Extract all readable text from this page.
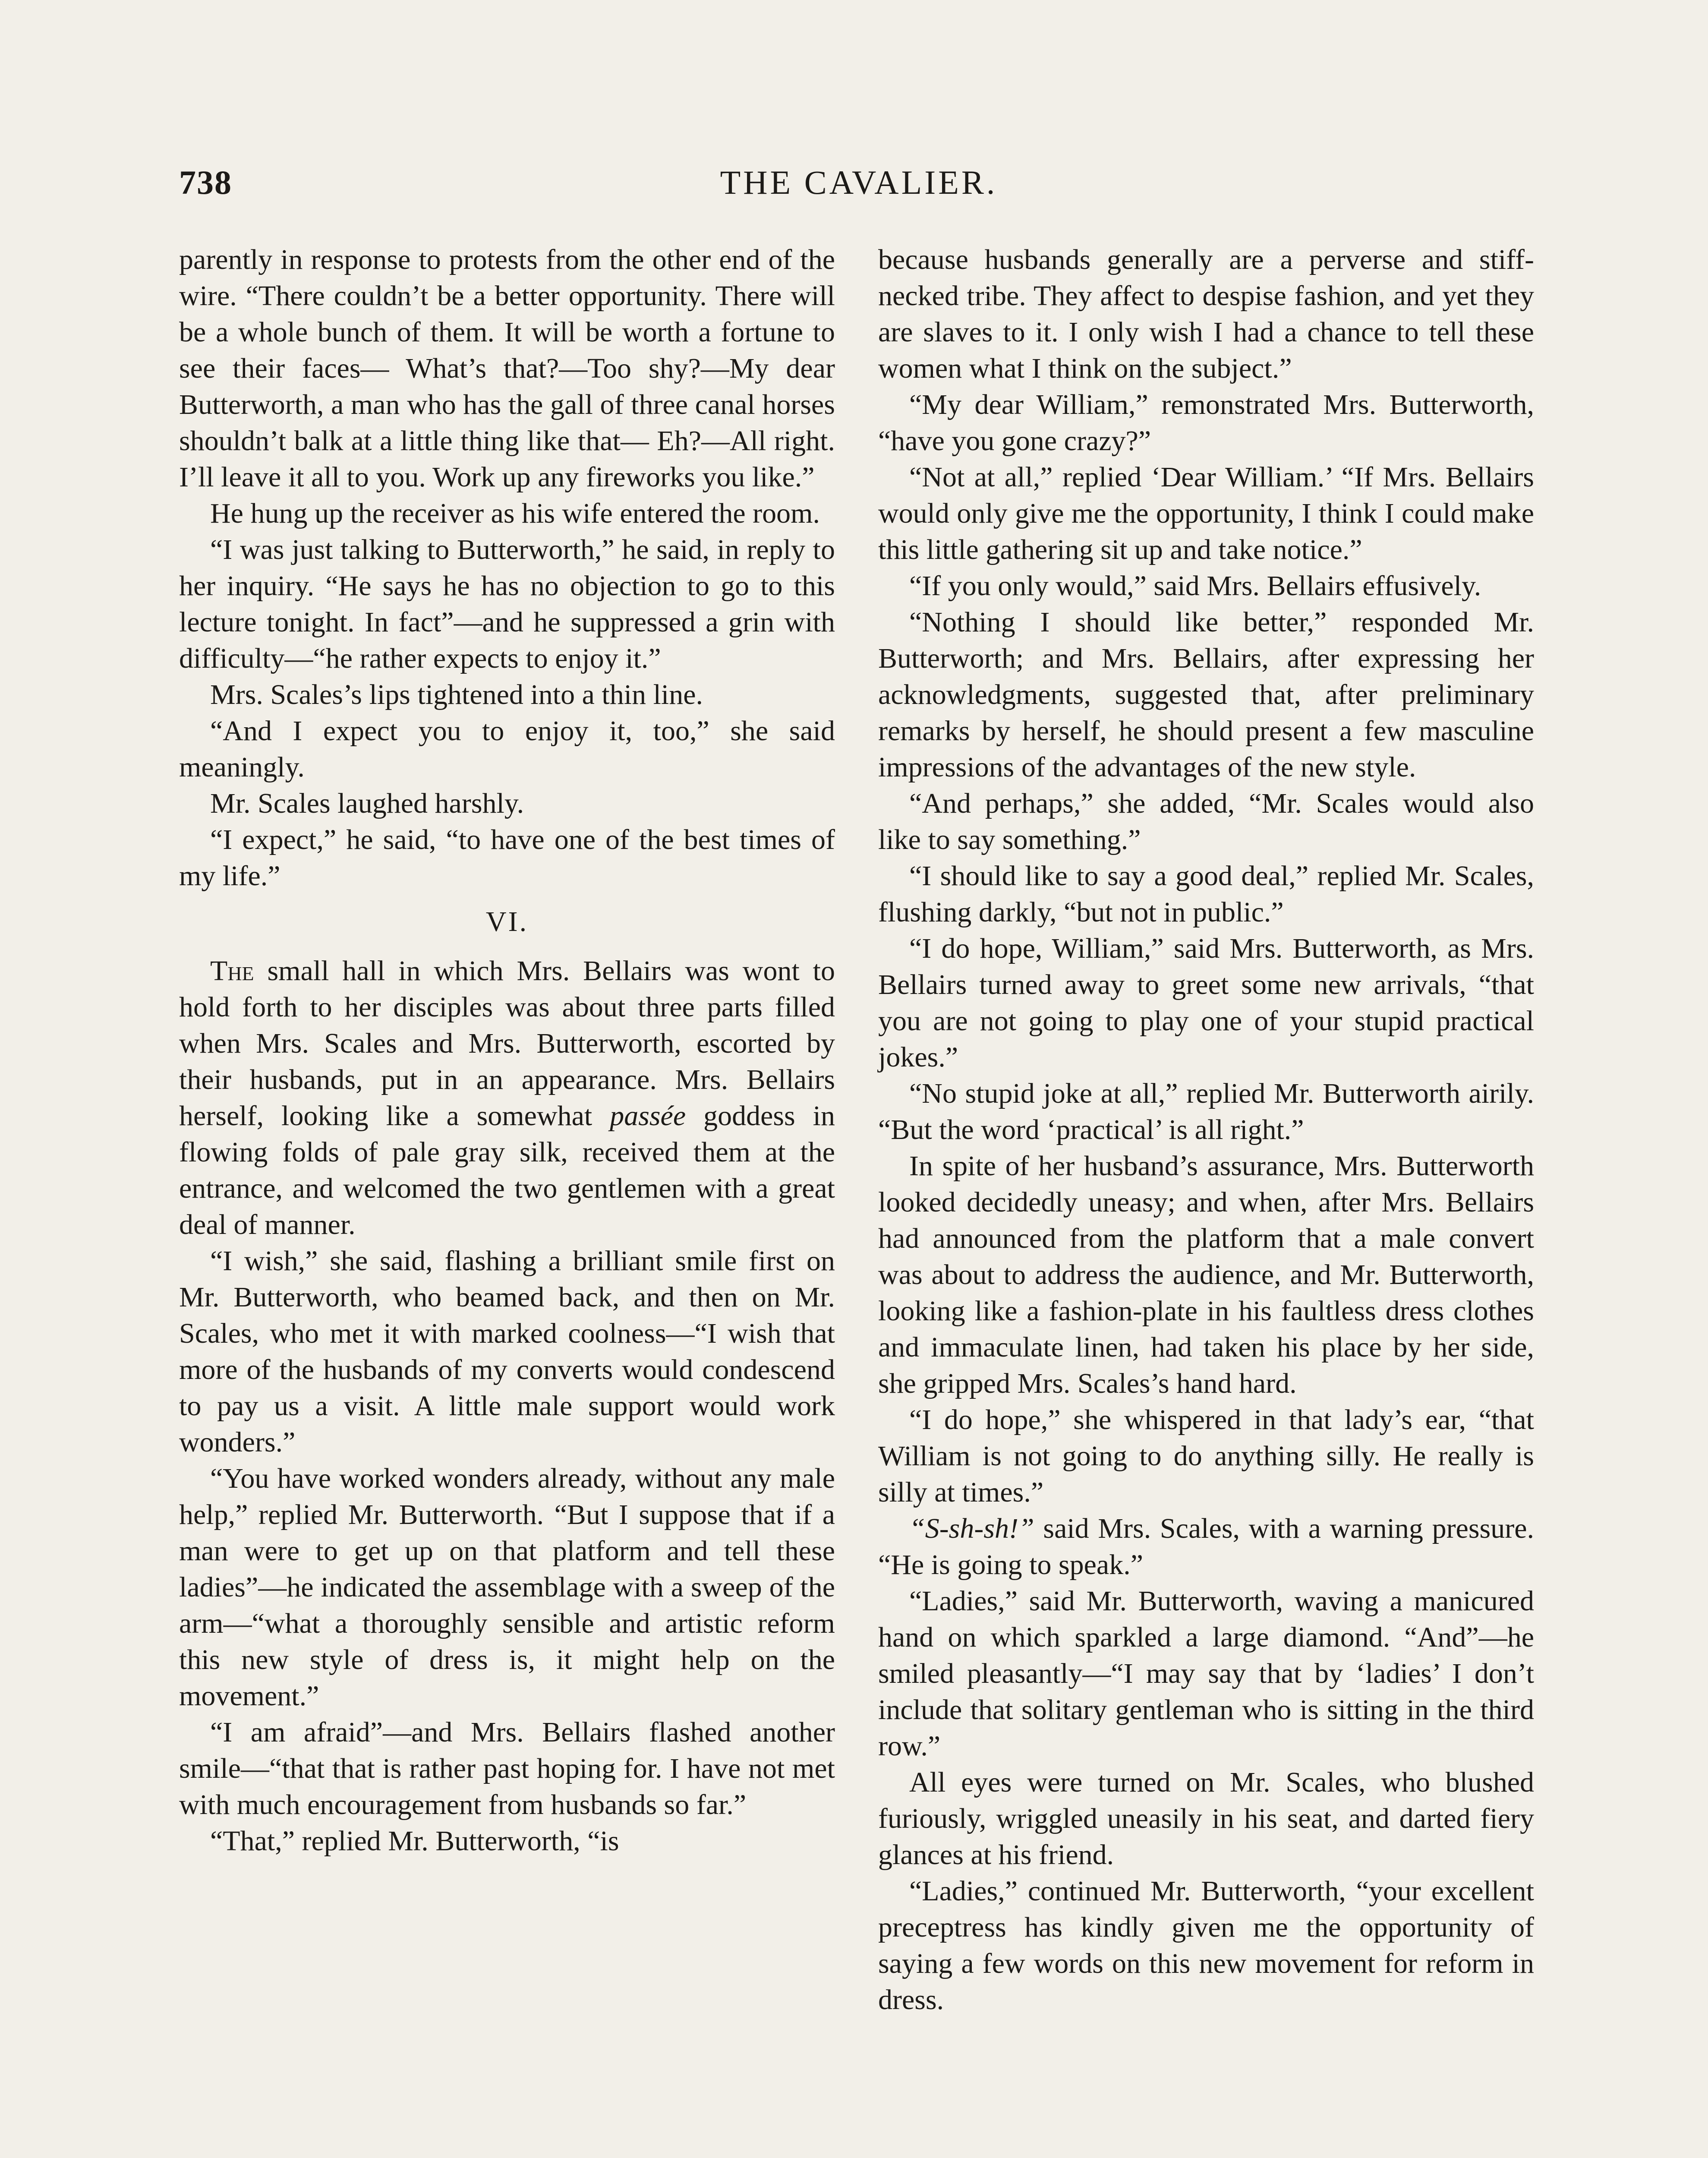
738	THE CAVALIER.

parently in response to protests from the other end of the wire. “There couldn’t be a better opportunity. There will be a whole bunch of them. It will be worth a fortune to see their faces— What’s that?—Too shy?—My dear Butterworth, a man who has the gall of three canal horses shouldn’t balk at a little thing like that— Eh?—All right. I’ll leave it all to you. Work up any fireworks you like.”

He hung up the receiver as his wife entered the room.

“I was just talking to Butterworth,” he said, in reply to her inquiry. “He says he has no objection to go to this lecture tonight. In fact”—and he suppressed a grin with difficulty—“he rather expects to enjoy it.”

Mrs. Scales’s lips tightened into a thin line.

“And I expect you to enjoy it, too,” she said meaningly.

Mr. Scales laughed harshly.

“I expect,” he said, “to have one of the best times of my life.”

VI.

The small hall in which Mrs. Bellairs was wont to hold forth to her disciples was about three parts filled when Mrs. Scales and Mrs. Butterworth, escorted by their husbands, put in an appearance. Mrs. Bellairs herself, looking like a somewhat passée goddess in flowing folds of pale gray silk, received them at the entrance, and welcomed the two gentlemen with a great deal of manner.

“I wish,” she said, flashing a brilliant smile first on Mr. Butterworth, who beamed back, and then on Mr. Scales, who met it with marked coolness—“I wish that more of the husbands of my converts would condescend to pay us a visit. A little male support would work wonders.”

“You have worked wonders already, without any male help,” replied Mr. Butterworth. “But I suppose that if a man were to get up on that platform and tell these ladies”—he indicated the assemblage with a sweep of the arm—“what a thoroughly sensible and artistic reform this new style of dress is, it might help on the movement.”

“I am afraid”—and Mrs. Bellairs flashed another smile—“that that is rather past hoping for. I have not met with much encouragement from husbands so far.”

“That,” replied Mr. Butterworth, “is

because husbands generally are a perverse and stiff-necked tribe. They affect to despise fashion, and yet they are slaves to it. I only wish I had a chance to tell these women what I think on the subject.”

“My dear William,” remonstrated Mrs. Butterworth, “have you gone crazy?”

“Not at all,” replied ‘Dear William.’ “If Mrs. Bellairs would only give me the opportunity, I think I could make this little gathering sit up and take notice.”

“If you only would,” said Mrs. Bellairs effusively.

“Nothing I should like better,” responded Mr. Butterworth; and Mrs. Bellairs, after expressing her acknowledgments, suggested that, after preliminary remarks by herself, he should present a few masculine impressions of the advantages of the new style.

“And perhaps,” she added, “Mr. Scales would also like to say something.”

“I should like to say a good deal,” replied Mr. Scales, flushing darkly, “but not in public.”

“I do hope, William,” said Mrs. Butterworth, as Mrs. Bellairs turned away to greet some new arrivals, “that you are not going to play one of your stupid practical jokes.”

“No stupid joke at all,” replied Mr. Butterworth airily. “But the word ‘practical’ is all right.”

In spite of her husband’s assurance, Mrs. Butterworth looked decidedly uneasy; and when, after Mrs. Bellairs had announced from the platform that a male convert was about to address the audience, and Mr. Butterworth, looking like a fashion-plate in his faultless dress clothes and immaculate linen, had taken his place by her side, she gripped Mrs. Scales’s hand hard.

“I do hope,” she whispered in that lady’s ear, “that William is not going to do anything silly. He really is silly at times.”

“S-sh-sh!” said Mrs. Scales, with a warning pressure. “He is going to speak.”

“Ladies,” said Mr. Butterworth, waving a manicured hand on which sparkled a large diamond. “And”—he smiled pleasantly—“I may say that by ‘ladies’ I don’t include that solitary gentleman who is sitting in the third row.”

All eyes were turned on Mr. Scales, who blushed furiously, wriggled uneasily in his seat, and darted fiery glances at his friend.

“Ladies,” continued Mr. Butterworth, “your excellent preceptress has kindly given me the opportunity of saying a few words on this new movement for reform in dress.
